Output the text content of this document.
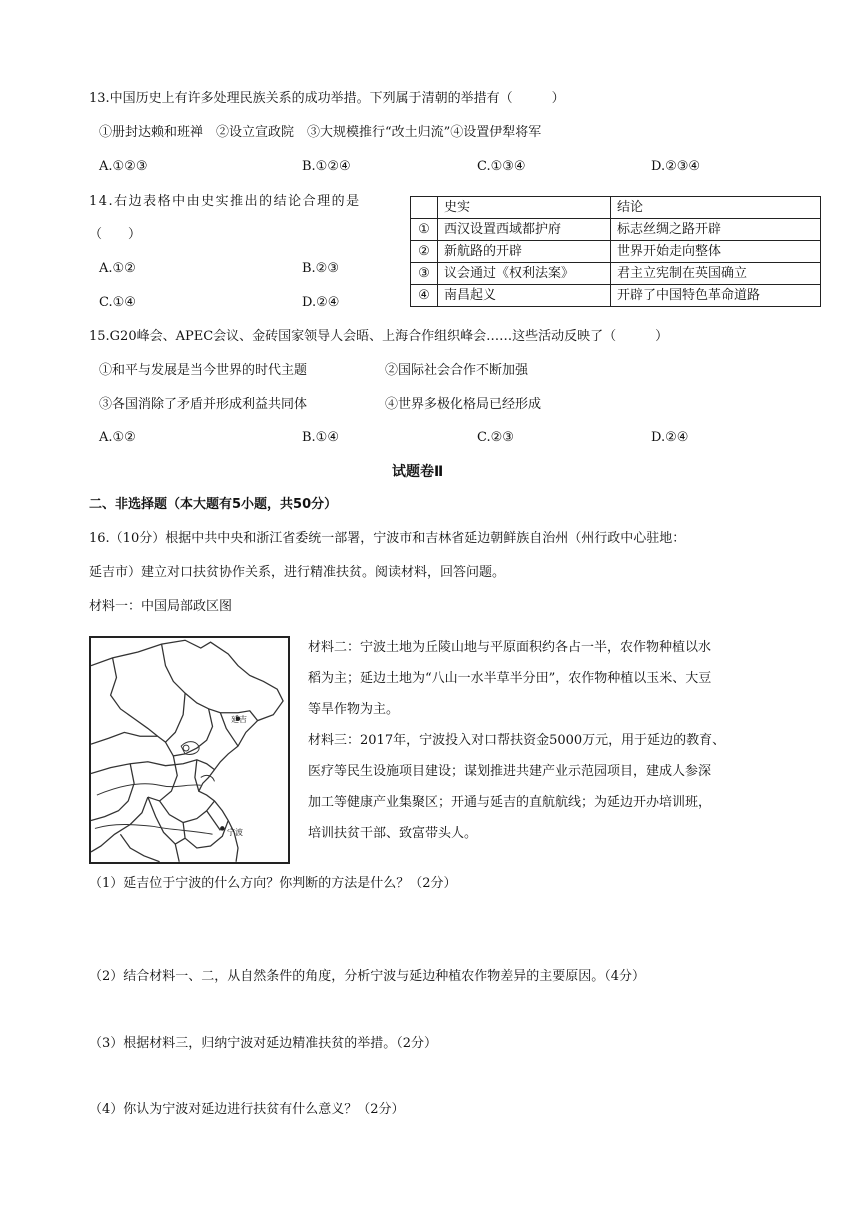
13.中国历史上有许多处理民族关系的成功举措。下列属于清朝的举措有（　　　）
①册封达赖和班禅　②设立宣政院　③大规模推行“改土归流”④设置伊犁将军
A.①②③	B.①②④	C.①③④	D.②③④
14.右边表格中由史实推出的结论合理的是
（　　）
A.①②	B.②③
C.①④	D.②④
	史实	结论
①	西汉设置西域都护府	标志丝绸之路开辟
②	新航路的开辟	世界开始走向整体
③	议会通过《权利法案》	君主立宪制在英国确立
④	南昌起义	开辟了中国特色革命道路
15.G20峰会、APEC会议、金砖国家领导人会晤、上海合作组织峰会……这些活动反映了（　　　）
①和平与发展是当今世界的时代主题	②国际社会合作不断加强
③各国消除了矛盾并形成利益共同体	④世界多极化格局已经形成
A.①②	B.①④	C.②③	D.②④
试题卷Ⅱ
二、非选择题（本大题有5小题，共50分）
16.（10分）根据中共中央和浙江省委统一部署，宁波市和吉林省延边朝鲜族自治州（州行政中心驻地：
延吉市）建立对口扶贫协作关系，进行精准扶贫。阅读材料，回答问题。
材料一：中国局部政区图
延吉
宁波
材料二：宁波土地为丘陵山地与平原面积约各占一半，农作物种植以水
稻为主；延边土地为“八山一水半草半分田”，农作物种植以玉米、大豆
等旱作物为主。
材料三：2017年，宁波投入对口帮扶资金5000万元，用于延边的教育、
医疗等民生设施项目建设；谋划推进共建产业示范园项目，建成人参深
加工等健康产业集聚区；开通与延吉的直航航线；为延边开办培训班，
培训扶贫干部、致富带头人。
（1）延吉位于宁波的什么方向？你判断的方法是什么？（2分）
（2）结合材料一、二，从自然条件的角度，分析宁波与延边种植农作物差异的主要原因。（4分）
（3）根据材料三，归纳宁波对延边精准扶贫的举措。（2分）
（4）你认为宁波对延边进行扶贫有什么意义？（2分）
